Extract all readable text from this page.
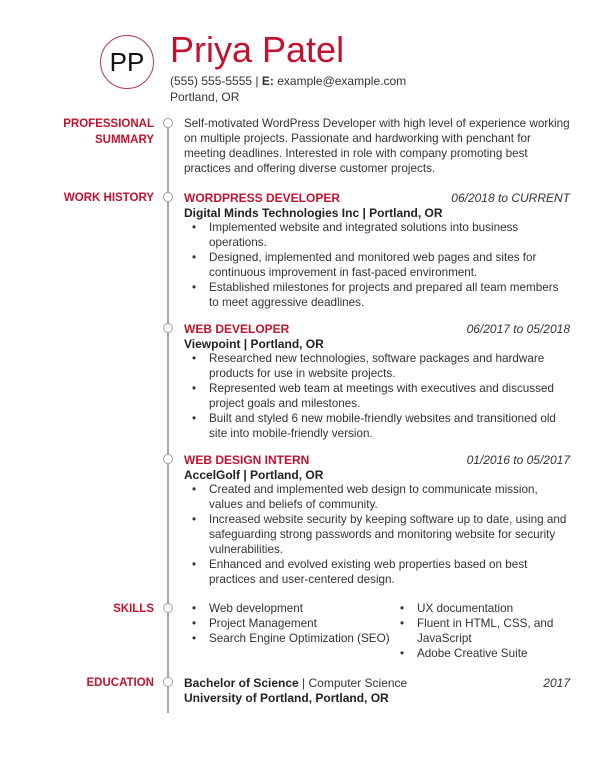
PP Priya Patel
(555) 555-5555 | E: example@example.com
Portland, OR
PROFESSIONAL
SUMMARY
Self-motivated WordPress Developer with high level of experience working on multiple projects. Passionate and hardworking with penchant for meeting deadlines. Interested in role with company promoting best practices and offering diverse customer projects.
WORK HISTORY	WORDPRESS DEVELOPER	06/2018 to CURRENT
Digital Minds Technologies Inc | Portland, OR
• Implemented website and integrated solutions into business operations.
• Designed, implemented and monitored web pages and sites for continuous improvement in fast-paced environment.
• Established milestones for projects and prepared all team members to meet aggressive deadlines.
WEB DEVELOPER	06/2017 to 05/2018
Viewpoint | Portland, OR
• Researched new technologies, software packages and hardware products for use in website projects.
• Represented web team at meetings with executives and discussed project goals and milestones.
• Built and styled 6 new mobile-friendly websites and transitioned old site into mobile-friendly version.
WEB DESIGN INTERN	01/2016 to 05/2017
AccelGolf | Portland, OR
• Created and implemented web design to communicate mission, values and beliefs of community.
• Increased website security by keeping software up to date, using and safeguarding strong passwords and monitoring website for security vulnerabilities.
• Enhanced and evolved existing web properties based on best practices and user-centered design.
SKILLS	• Web development
• Project Management
• Search Engine Optimization (SEO)
• UX documentation
• Fluent in HTML, CSS, and JavaScript
• Adobe Creative Suite
EDUCATION	Bachelor of Science | Computer Science	2017
University of Portland, Portland, OR
